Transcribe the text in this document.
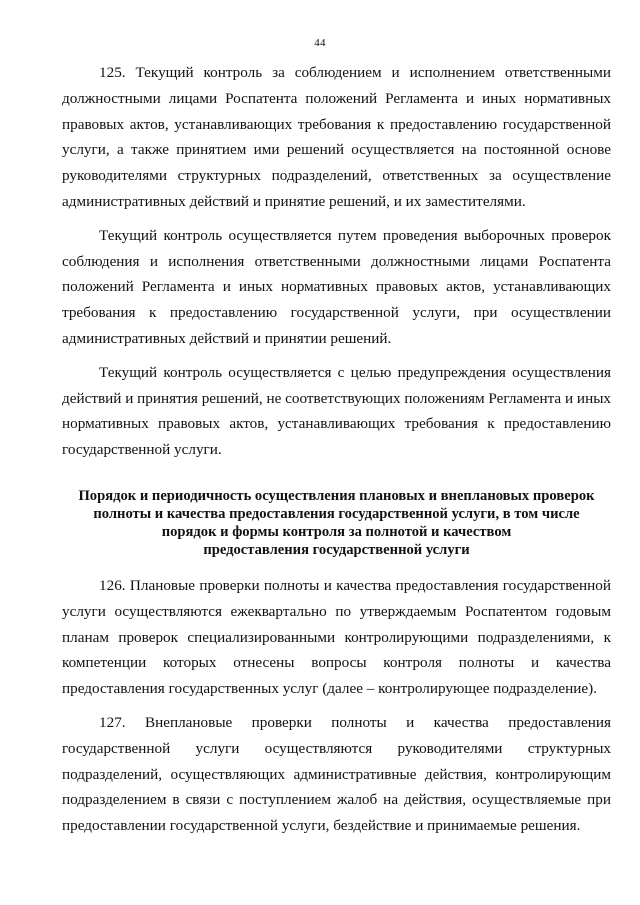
44

125. Текущий контроль за соблюдением и исполнением ответственными должностными лицами Роспатента положений Регламента и иных нормативных правовых актов, устанавливающих требования к предоставлению государственной услуги, а также принятием ими решений осуществляется на постоянной основе руководителями структурных подразделений, ответственных за осуществление административных действий и принятие решений, и их заместителями.

Текущий контроль осуществляется путем проведения выборочных проверок соблюдения и исполнения ответственными должностными лицами Роспатента положений Регламента и иных нормативных правовых актов, устанавливающих требования к предоставлению государственной услуги, при осуществлении административных действий и принятии решений.

Текущий контроль осуществляется с целью предупреждения осуществления действий и принятия решений, не соответствующих положениям Регламента и иных нормативных правовых актов, устанавливающих требования к предоставлению государственной услуги.

Порядок и периодичность осуществления плановых и внеплановых проверок
полноты и качества предоставления государственной услуги, в том числе
порядок и формы контроля за полнотой и качеством
предоставления государственной услуги

126. Плановые проверки полноты и качества предоставления государственной услуги осуществляются ежеквартально по утверждаемым Роспатентом годовым планам проверок специализированными контролирующими подразделениями, к компетенции которых отнесены вопросы контроля полноты и качества предоставления государственных услуг (далее – контролирующее подразделение).

127. Внеплановые проверки полноты и качества предоставления государственной услуги осуществляются руководителями структурных подразделений, осуществляющих административные действия, контролирующим подразделением в связи с поступлением жалоб на действия, осуществляемые при предоставлении государственной услуги, бездействие и принимаемые решения.
